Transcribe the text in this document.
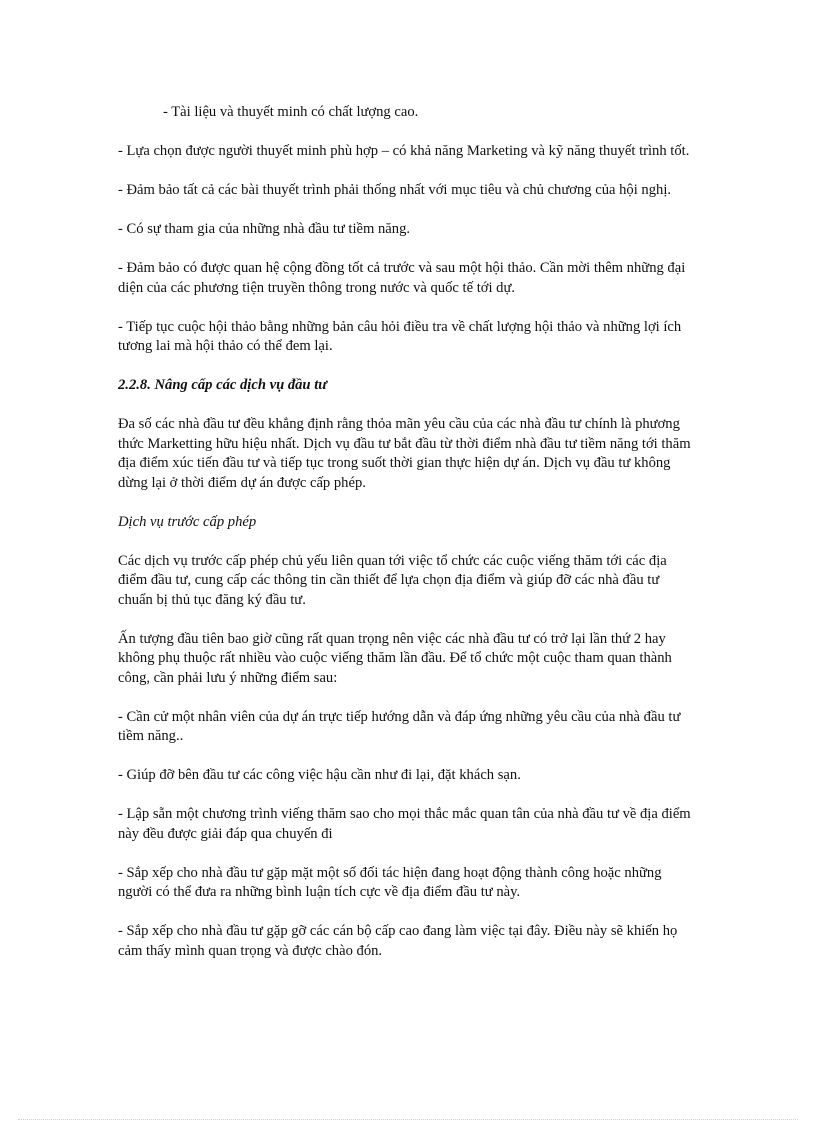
- Tài liệu và thuyết minh có chất lượng cao.

- Lựa chọn được người thuyết minh phù hợp – có khả năng Marketing và kỹ năng thuyết trình tốt.

- Đảm bảo tất cả các bài thuyết trình phải thống nhất với mục tiêu và chủ chương của hội nghị.

- Có sự tham gia của những nhà đầu tư tiềm năng.

- Đảm bảo có được quan hệ cộng đồng tốt cả trước và sau một hội thảo. Cần mời thêm những đại diện của các phương tiện truyền thông trong nước và quốc tế tới dự.

- Tiếp tục cuộc hội thảo bằng những bản câu hỏi điều tra về chất lượng hội thảo và những lợi ích tương lai mà hội thảo có thể đem lại.

2.2.8. Nâng cấp các dịch vụ đầu tư

Đa số các nhà đầu tư đều khẳng định rằng thỏa mãn yêu cầu của các nhà đầu tư chính là phương thức Marketting hữu hiệu nhất. Dịch vụ đầu tư bắt đầu từ thời điểm nhà đầu tư tiềm năng tới thăm địa điểm xúc tiến đầu tư và tiếp tục trong suốt thời gian thực hiện dự án. Dịch vụ đầu tư không dừng lại ở thời điểm dự án được cấp phép.

Dịch vụ trước cấp phép

Các dịch vụ trước cấp phép chủ yếu liên quan tới việc tổ chức các cuộc viếng thăm tới các địa điểm đầu tư, cung cấp các thông tin cần thiết để lựa chọn địa điểm và giúp đỡ các nhà đầu tư chuẩn bị thủ tục đăng ký đầu tư.

Ấn tượng đầu tiên bao giờ cũng rất quan trọng nên việc các nhà đầu tư có trở lại lần thứ 2 hay không phụ thuộc rất nhiều vào cuộc viếng thăm lần đầu. Để tổ chức một cuộc tham quan thành công, cần phải lưu ý những điểm sau:

- Cần cử một nhân viên của dự án trực tiếp hướng dẫn và đáp ứng những yêu cầu của nhà đầu tư tiềm năng..

- Giúp đỡ bên đầu tư các công việc hậu cần như đi lại, đặt khách sạn.

- Lập sẵn một chương trình viếng thăm sao cho mọi thắc mắc quan tân của nhà đầu tư về địa điểm này đều được giải đáp qua chuyến đi

- Sắp xếp cho nhà đầu tư gặp mặt một số đối tác hiện đang hoạt động thành công hoặc những người có thể đưa ra những bình luận tích cực về địa điểm đầu tư này.

- Sắp xếp cho nhà đầu tư gặp gỡ các cán bộ cấp cao đang làm việc tại đây. Điều này sẽ khiến họ cảm thấy mình quan trọng và được chào đón.
